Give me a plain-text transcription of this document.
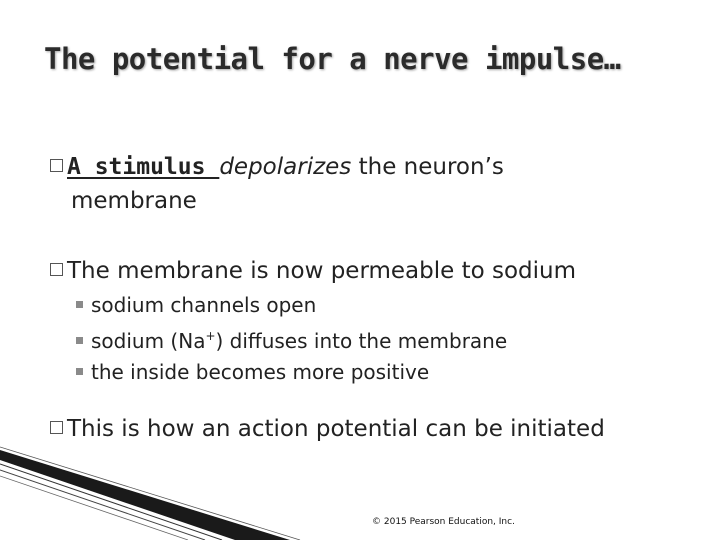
The potential for a nerve impulse…
A stimulus depolarizes the neuron’s
membrane
The membrane is now permeable to sodium
sodium channels open
sodium (Na+) diffuses into the membrane
the inside becomes more positive
This is how an action potential can be initiated
© 2015 Pearson Education, Inc.
